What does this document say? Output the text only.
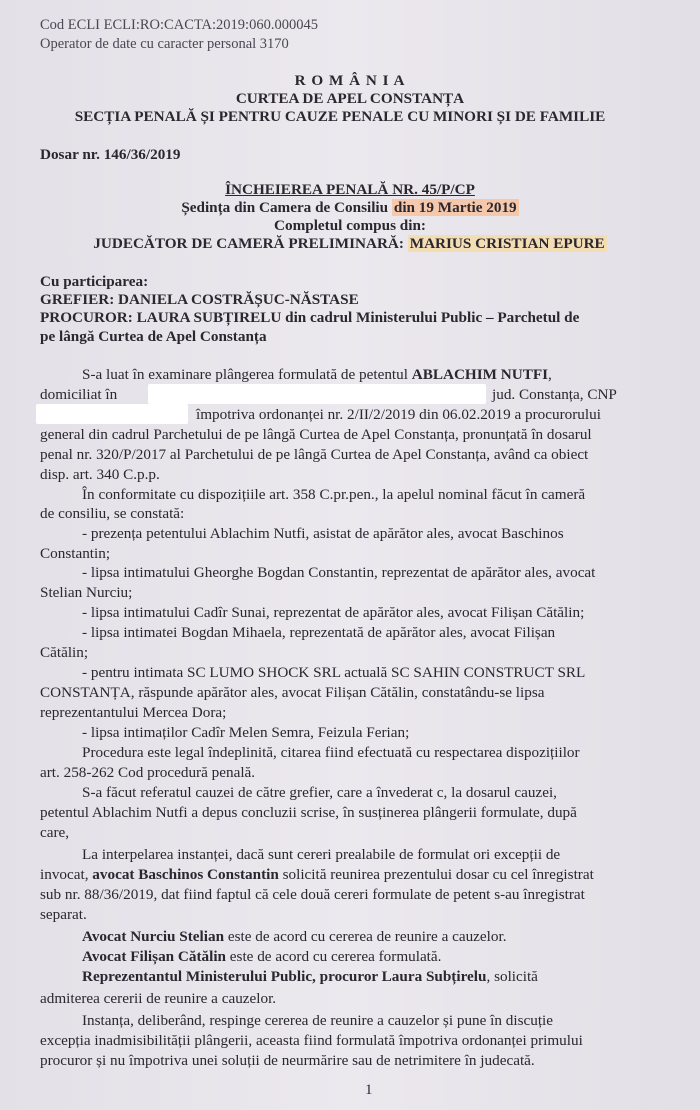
Cod ECLI ECLI:RO:CACTA:2019:060.000045
Operator de date cu caracter personal 3170
R O M Â N I A
CURTEA DE APEL CONSTANȚA
SECȚIA PENALĂ ȘI PENTRU CAUZE PENALE CU MINORI ȘI DE FAMILIE
Dosar nr. 146/36/2019
ÎNCHEIEREA PENALĂ NR. 45/P/CP
Ședința din Camera de Consiliu din 19 Martie 2019
Completul compus din:
JUDECĂTOR DE CAMERĂ PRELIMINARĂ: MARIUS CRISTIAN EPURE
Cu participarea:
GREFIER: DANIELA COSTRĂȘUC-NĂSTASE
PROCUROR: LAURA SUBȚIRELU din cadrul Ministerului Public – Parchetul de
pe lângă Curtea de Apel Constanța
S-a luat în examinare plângerea formulată de petentul ABLACHIM NUTFI,
domiciliat în	jud. Constanța, CNP
împotriva ordonanței nr. 2/II/2/2019 din 06.02.2019 a procurorului
general din cadrul Parchetului de pe lângă Curtea de Apel Constanța, pronunțată în dosarul
penal nr. 320/P/2017 al Parchetului de pe lângă Curtea de Apel Constanța, având ca obiect
disp. art. 340 C.p.p.
În conformitate cu dispozițiile art. 358 C.pr.pen., la apelul nominal făcut în cameră
de consiliu, se constată:
- prezența petentului Ablachim Nutfi, asistat de apărător ales, avocat Baschinos
Constantin;
- lipsa intimatului Gheorghe Bogdan Constantin, reprezentat de apărător ales, avocat
Stelian Nurciu;
- lipsa intimatului Cadîr Sunai, reprezentat de apărător ales, avocat Filișan Cătălin;
- lipsa intimatei Bogdan Mihaela, reprezentată de apărător ales, avocat Filișan
Cătălin;
- pentru intimata SC LUMO SHOCK SRL actuală SC SAHIN CONSTRUCT SRL
CONSTANȚA, răspunde apărător ales, avocat Filișan Cătălin, constatându-se lipsa
reprezentantului Mercea Dora;
- lipsa intimaților Cadîr Melen Semra, Feizula Ferian;
Procedura este legal îndeplinită, citarea fiind efectuată cu respectarea dispozițiilor
art. 258-262 Cod procedură penală.
S-a făcut referatul cauzei de către grefier, care a învederat c, la dosarul cauzei,
petentul Ablachim Nutfi a depus concluzii scrise, în susținerea plângerii formulate, după
care,
La interpelarea instanței, dacă sunt cereri prealabile de formulat ori excepții de
invocat, avocat Baschinos Constantin solicită reunirea prezentului dosar cu cel înregistrat
sub nr. 88/36/2019, dat fiind faptul că cele două cereri formulate de petent s-au înregistrat
separat.
Avocat Nurciu Stelian este de acord cu cererea de reunire a cauzelor.
Avocat Filișan Cătălin este de acord cu cererea formulată.
Reprezentantul Ministerului Public, procuror Laura Subțirelu, solicită
admiterea cererii de reunire a cauzelor.
Instanța, deliberând, respinge cererea de reunire a cauzelor și pune în discuție
excepția inadmisibilității plângerii, aceasta fiind formulată împotriva ordonanței primului
procuror și nu împotriva unei soluții de neurmărire sau de netrimitere în judecată.
1
